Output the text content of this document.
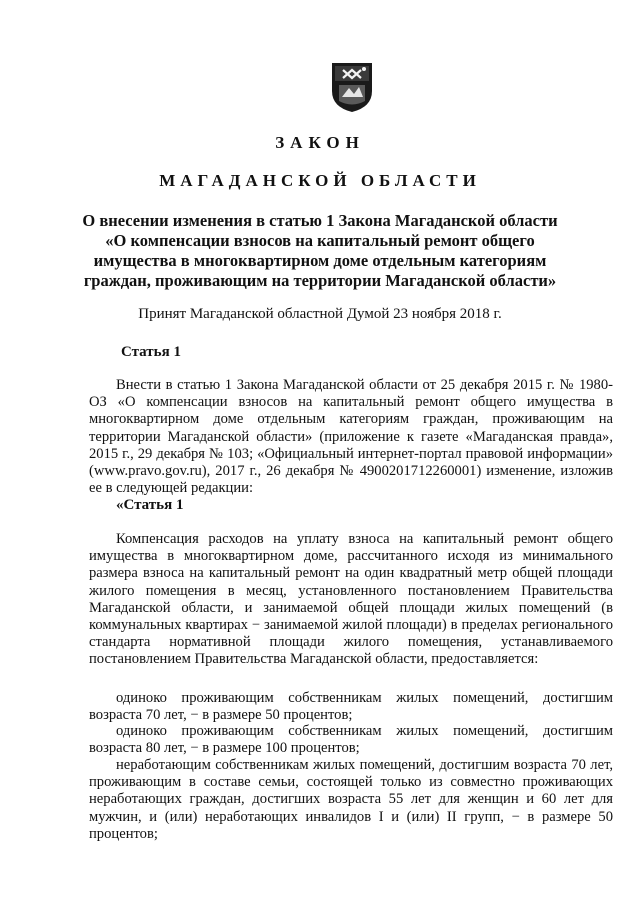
ЗАКОН
МАГАДАНСКОЙ ОБЛАСТИ
О внесении изменения в статью 1 Закона Магаданской области «О компенсации взносов на капитальный ремонт общего имущества в многоквартирном доме отдельным категориям граждан, проживающим на территории Магаданской области»
Принят Магаданской областной Думой 23 ноября 2018 г.
Статья 1
Внести в статью 1 Закона Магаданской области от 25 декабря 2015 г. № 1980-ОЗ «О компенсации взносов на капитальный ремонт общего имущества в многоквартирном доме отдельным категориям граждан, проживающим на территории Магаданской области» (приложение к газете «Магаданская правда», 2015 г., 29 декабря № 103; «Официальный интернет-портал правовой информации» (www.pravo.gov.ru), 2017 г., 26 декабря № 4900201712260001) изменение, изложив ее в следующей редакции:
«Статья 1
Компенсация расходов на уплату взноса на капитальный ремонт общего имущества в многоквартирном доме, рассчитанного исходя из минимального размера взноса на капитальный ремонт на один квадратный метр общей площади жилого помещения в месяц, установленного постановлением Правительства Магаданской области, и занимаемой общей площади жилых помещений (в коммунальных квартирах − занимаемой жилой площади) в пределах регионального стандарта нормативной площади жилого помещения, устанавливаемого постановлением Правительства Магаданской области, предоставляется:
одиноко проживающим собственникам жилых помещений, достигшим возраста 70 лет, − в размере 50 процентов;
одиноко проживающим собственникам жилых помещений, достигшим возраста 80 лет, − в размере 100 процентов;
неработающим собственникам жилых помещений, достигшим возраста 70 лет, проживающим в составе семьи, состоящей только из совместно проживающих неработающих граждан, достигших возраста 55 лет для женщин и 60 лет для мужчин, и (или) неработающих инвалидов I и (или) II групп, − в размере 50 процентов;
